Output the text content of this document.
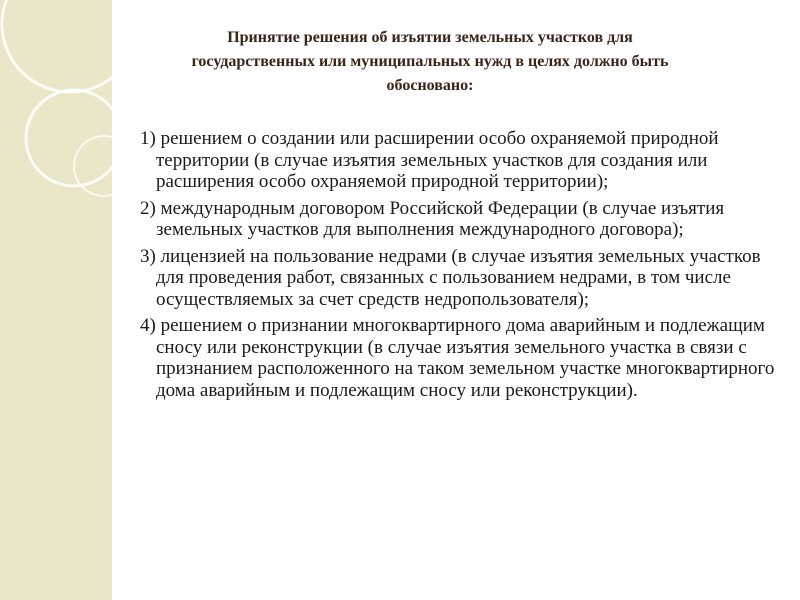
Принятие решения об изъятии земельных участков для
государственных или муниципальных нужд в целях должно быть
обосновано:
1) решением о создании или расширении особо охраняемой природной территории (в случае изъятия земельных участков для создания или расширения особо охраняемой природной территории);
2) международным договором Российской Федерации (в случае изъятия земельных участков для выполнения международного договора);
3) лицензией на пользование недрами (в случае изъятия земельных участков для проведения работ, связанных с пользованием недрами, в том числе осуществляемых за счет средств недропользователя);
4) решением о признании многоквартирного дома аварийным и подлежащим сносу или реконструкции (в случае изъятия земельного участка в связи с признанием расположенного на таком земельном участке многоквартирного дома аварийным и подлежащим сносу или реконструкции).
